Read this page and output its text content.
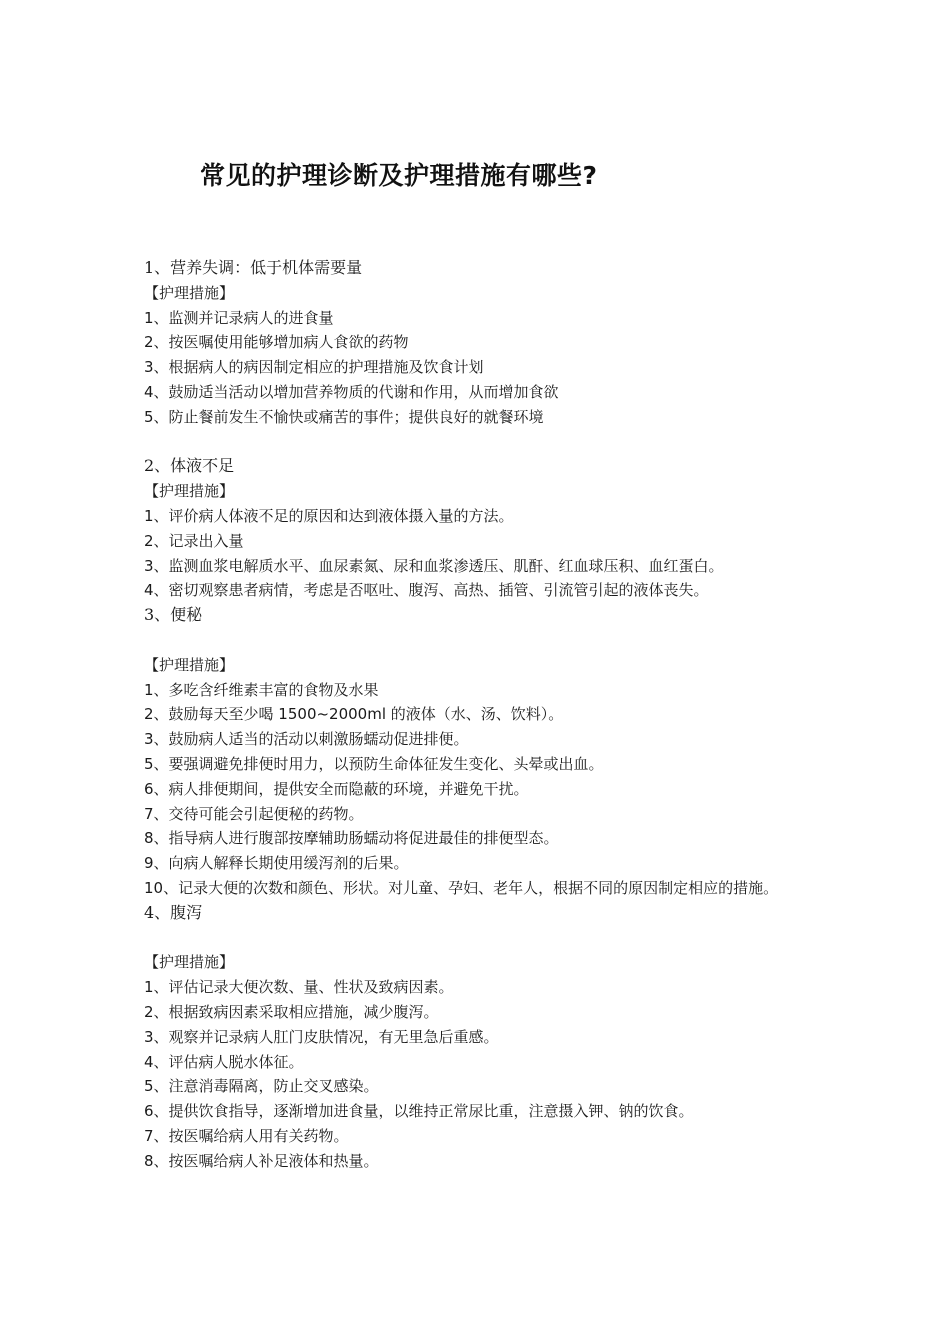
常见的护理诊断及护理措施有哪些?
1、营养失调：低于机体需要量
【护理措施】
1、监测并记录病人的进食量
2、按医嘱使用能够增加病人食欲的药物
3、根据病人的病因制定相应的护理措施及饮食计划
4、鼓励适当活动以增加营养物质的代谢和作用，从而增加食欲
5、防止餐前发生不愉快或痛苦的事件；提供良好的就餐环境
2、体液不足
【护理措施】
1、评价病人体液不足的原因和达到液体摄入量的方法。
2、记录出入量
3、监测血浆电解质水平、血尿素氮、尿和血浆渗透压、肌酐、红血球压积、血红蛋白。
4、密切观察患者病情，考虑是否呕吐、腹泻、高热、插管、引流管引起的液体丧失。
3、便秘
【护理措施】
1、多吃含纤维素丰富的食物及水果
2、鼓励每天至少喝 1500~2000ml 的液体（水、汤、饮料）。
3、鼓励病人适当的活动以刺激肠蠕动促进排便。
5、要强调避免排便时用力，以预防生命体征发生变化、头晕或出血。
6、病人排便期间，提供安全而隐蔽的环境，并避免干扰。
7、交待可能会引起便秘的药物。
8、指导病人进行腹部按摩辅助肠蠕动将促进最佳的排便型态。
9、向病人解释长期使用缓泻剂的后果。
10、记录大便的次数和颜色、形状。对儿童、孕妇、老年人，根据不同的原因制定相应的措施。
4、腹泻
【护理措施】
1、评估记录大便次数、量、性状及致病因素。
2、根据致病因素采取相应措施，减少腹泻。
3、观察并记录病人肛门皮肤情况，有无里急后重感。
4、评估病人脱水体征。
5、注意消毒隔离，防止交叉感染。
6、提供饮食指导，逐渐增加进食量，以维持正常尿比重，注意摄入钾、钠的饮食。
7、按医嘱给病人用有关药物。
8、按医嘱给病人补足液体和热量。
